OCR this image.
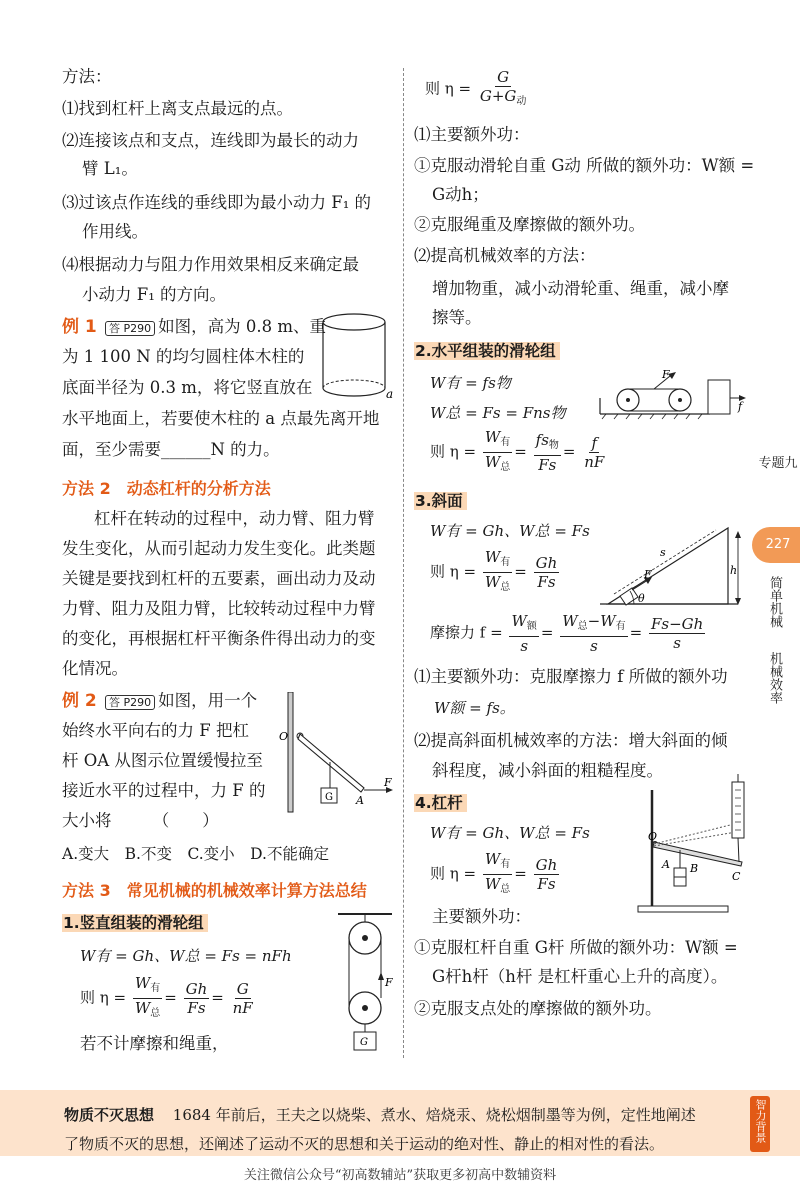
方法：
⑴找到杠杆上离支点最远的点。
⑵连接该点和支点，连线即为最长的动力
臂 L₁。
⑶过该点作连线的垂线即为最小动力 F₁ 的
作用线。
⑷根据动力与阻力作用效果相反来确定最
小动力 F₁ 的方向。
例 1 答 P290 如图，高为 0.8 m、重
为 1 100 N 的均匀圆柱体木柱的
底面半径为 0.3 m，将它竖直放在
水平地面上，若要使木柱的 a 点最先离开地
面，至少需要______N 的力。
a
方法 2　动态杠杆的分析方法
杠杆在转动的过程中，动力臂、阻力臂
发生变化，从而引起动力发生变化。此类题
关键是要找到杠杆的五要素，画出动力及动
力臂、阻力及阻力臂，比较转动过程中力臂
的变化，再根据杠杆平衡条件得出动力的变
化情况。
例 2 答 P290 如图，用一个
始终水平向右的力 F 把杠
杆 OA 从图示位置缓慢拉至
接近水平的过程中，力 F 的
大小将　　　（　　）
A.变大　B.不变　C.变小　D.不能确定
G
O
A
F
方法 3　常见机械的机械效率计算方法总结
1.竖直组装的滑轮组
W有 = Gh、W总 = Fs = nFh
则 $\eta = \frac{W_有}{W_总} = \frac{Gh}{Fs} = \frac{G}{nF}$
若不计摩擦和绳重，
F
G
则 $\eta = \frac{G}{G+G_动}$
⑴主要额外功：
①克服动滑轮自重 G动 所做的额外功：W额 =
G动h；
②克服绳重及摩擦做的额外功。
⑵提高机械效率的方法：
增加物重，减小动滑轮重、绳重，减小摩
擦等。
2.水平组装的滑轮组
W有 = fs物
W总 = Fs = Fns物
则 $\eta = \frac{W_有}{W_总} = \frac{fs_物}{Fs} = \frac{f}{nF}$
F
f
3.斜面
W有 = Gh、W总 = Fs
则 $\eta = \frac{W_有}{W_总} = \frac{Gh}{Fs}$
摩擦力 $f = \frac{W_额}{s} = \frac{W_总-W_有}{s} = \frac{Fs-Gh}{s}$
h
s
F
θ
⑴主要额外功：克服摩擦力 f 所做的额外功
W额 = fs。
⑵提高斜面机械效率的方法：增大斜面的倾
斜程度，减小斜面的粗糙程度。
4.杠杆
W有 = Gh、W总 = Fs
则 $\eta = \frac{W_有}{W_总} = \frac{Gh}{Fs}$
O
A B
C
主要额外功：
①克服杠杆自重 G杆 所做的额外功：W额 =
G杆h杆（h杆 是杠杆重心上升的高度）。
②克服支点处的摩擦做的额外功。
专题九
227
简单机械
机械效率
物质不灭思想 1684 年前后，王夫之以烧柴、煮水、焙烧汞、烧松烟制墨等为例，定性地阐述
了物质不灭的思想，还阐述了运动不灭的思想和关于运动的绝对性、静止的相对性的看法。
智力背景
关注微信公众号“初高数辅站”获取更多初高中数辅资料
